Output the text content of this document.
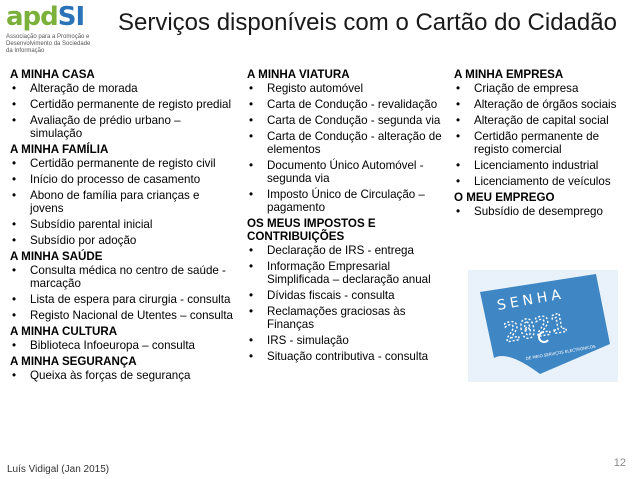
apdSI
Associação para a Promoção e Desenvolvimento da Sociedade da Informação
Serviços disponíveis com o Cartão do Cidadão
A MINHA CASA
• Alteração de morada
• Certidão permanente de registo predial
• Avaliação de prédio urbano – simulação
A MINHA FAMÍLIA
• Certidão permanente de registo civil
• Início do processo de casamento
• Abono de família para crianças e jovens
• Subsídio parental inicial
• Subsídio por adoção
A MINHA SAÚDE
• Consulta médica no centro de saúde - marcação
• Lista de espera para cirurgia - consulta
• Registo Nacional de Utentes – consulta
A MINHA CULTURA
• Biblioteca Infoeuropa – consulta
A MINHA SEGURANÇA
• Queixa às forças de segurança
A MINHA VIATURA
• Registo automóvel
• Carta de Condução - revalidação
• Carta de Condução - segunda via
• Carta de Condução - alteração de elementos
• Documento Único Automóvel - segunda via
• Imposto Único de Circulação – pagamento
OS MEUS IMPOSTOS E CONTRIBUIÇÕES
• Declaração de IRS - entrega
• Informação Empresarial Simplificada – declaração anual
• Dívidas fiscais - consulta
• Reclamações graciosas às Finanças
• IRS - simulação
• Situação contributiva - consulta
A MINHA EMPRESA
• Criação de empresa
• Alteração de órgãos sociais
• Alteração de capital social
• Certidão permanente de registo comercial
• Licenciamento industrial
• Licenciamento de veículos
O MEU EMPREGO
• Subsídio de desemprego
SENHA
2021
DE MEIO SERVIÇOS ELECTRÓNICOS
Luís Vidigal (Jan 2015)
12
